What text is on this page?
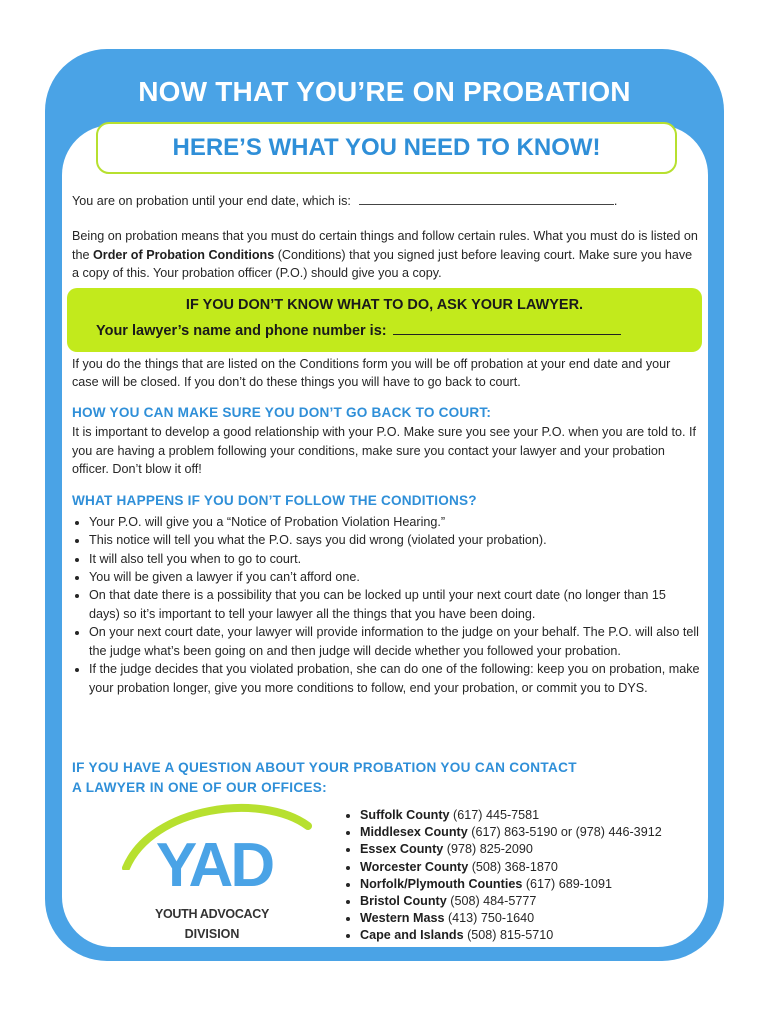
NOW THAT YOU’RE ON PROBATION
HERE’S WHAT YOU NEED TO KNOW!

You are on probation until your end date, which is:	.

Being on probation means that you must do certain things and follow certain rules. What you must do is listed on the Order of Probation Conditions (Conditions) that you signed just before leaving court. Make sure you have a copy of this. Your probation officer (P.O.) should give you a copy.

IF YOU DON’T KNOW WHAT TO DO, ASK YOUR LAWYER.
Your lawyer’s name and phone number is:

If you do the things that are listed on the Conditions form you will be off probation at your end date and your case will be closed. If you don’t do these things you will have to go back to court.

HOW YOU CAN MAKE SURE YOU DON’T GO BACK TO COURT:

It is important to develop a good relationship with your P.O. Make sure you see your P.O. when you are told to. If you are having a problem following your conditions, make sure you contact your lawyer and your probation officer. Don’t blow it off!

WHAT HAPPENS IF YOU DON’T FOLLOW THE CONDITIONS?

• Your P.O. will give you a “Notice of Probation Violation Hearing.”
• This notice will tell you what the P.O. says you did wrong (violated your probation).
• It will also tell you when to go to court.
• You will be given a lawyer if you can’t afford one.
• On that date there is a possibility that you can be locked up until your next court date (no longer than 15 days) so it’s important to tell your lawyer all the things that you have been doing.
• On your next court date, your lawyer will provide information to the judge on your behalf. The P.O. will also tell the judge what’s been going on and then judge will decide whether you followed your probation.
• If the judge decides that you violated probation, she can do one of the following: keep you on probation, make your probation longer, give you more conditions to follow, end your probation, or commit you to DYS.
IF YOU HAVE A QUESTION ABOUT YOUR PROBATION YOU CAN CONTACT
A LAWYER IN ONE OF OUR OFFICES:
YAD
YOUTH ADVOCACY
DIVISION
• Suffolk County (617) 445-7581
• Middlesex County (617) 863-5190 or (978) 446-3912
• Essex County (978) 825-2090
• Worcester County (508) 368-1870
• Norfolk/Plymouth Counties (617) 689-1091
• Bristol County (508) 484-5777
• Western Mass (413) 750-1640
• Cape and Islands (508) 815-5710
